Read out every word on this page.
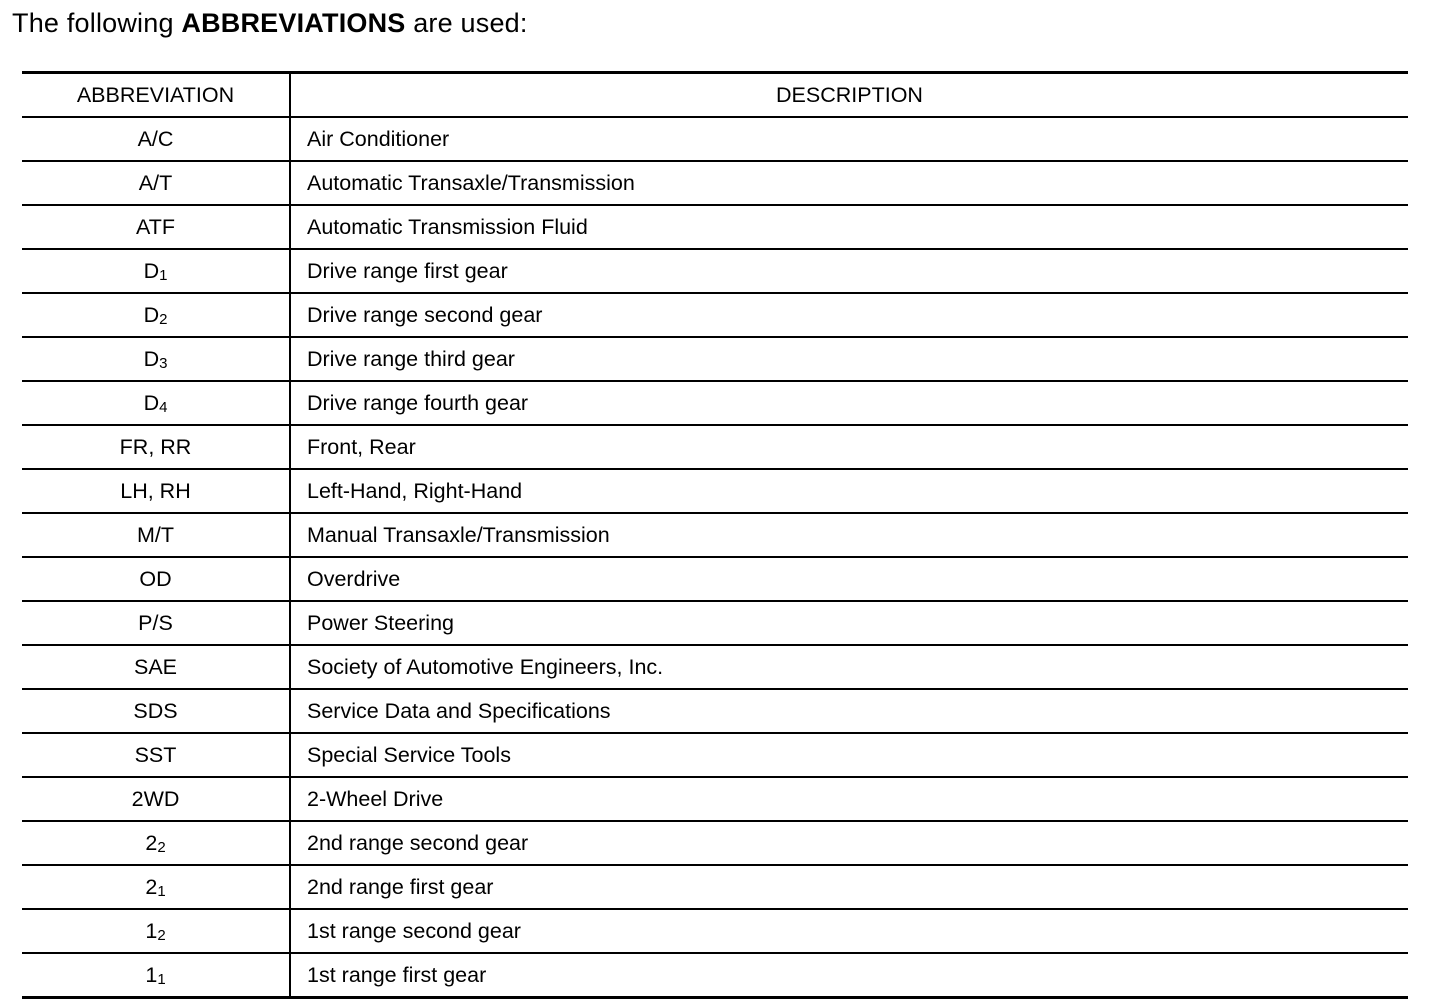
The following ABBREVIATIONS are used:
ABBREVIATION	DESCRIPTION
A/C	Air Conditioner
A/T	Automatic Transaxle/Transmission
ATF	Automatic Transmission Fluid
D1	Drive range first gear
D2	Drive range second gear
D3	Drive range third gear
D4	Drive range fourth gear
FR, RR	Front, Rear
LH, RH	Left-Hand, Right-Hand
M/T	Manual Transaxle/Transmission
OD	Overdrive
P/S	Power Steering
SAE	Society of Automotive Engineers, Inc.
SDS	Service Data and Specifications
SST	Special Service Tools
2WD	2-Wheel Drive
22	2nd range second gear
21	2nd range first gear
12	1st range second gear
11	1st range first gear
